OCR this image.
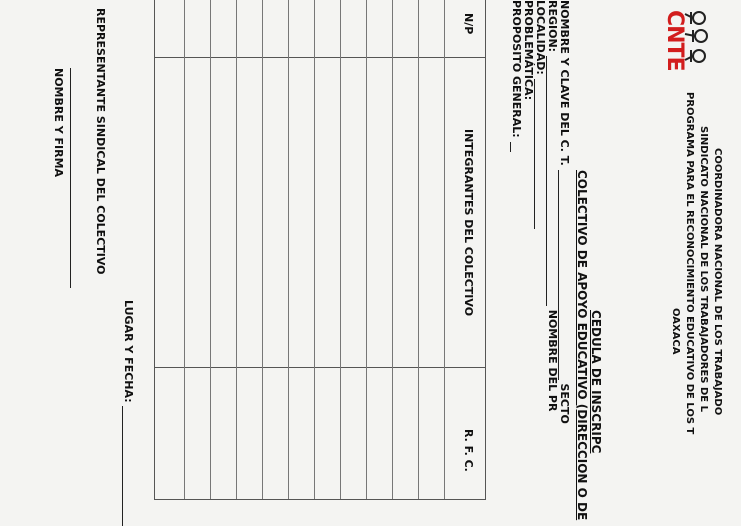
CNTE
COORDINADORA NACIONAL DE LOS TRABAJADO
SINDICATO NACIONAL DE LOS TRABAJADORES DE L
PROGRAMA PARA EL RECONOCIMIENTO EDUCATIVO DE LOS T
OAXACA
CEDULA DE INSCRIPC
COLECTIVO DE APOYO EDUCATIVO (DIRECCION O DE
NOMBRE Y CLAVE DEL C. T.  SECTO
REGION:  NOMBRE DEL PR
LOCALIDAD:
PROBLEMÁTICA:
PROPOSITO GENERAL:
N/P
INTEGRANTES DEL COLECTIVO
R. F. C.
LUGAR Y FECHA:
REPRESENTANTE SINDICAL DEL COLECTIVO
NOMBRE Y FIRMA
